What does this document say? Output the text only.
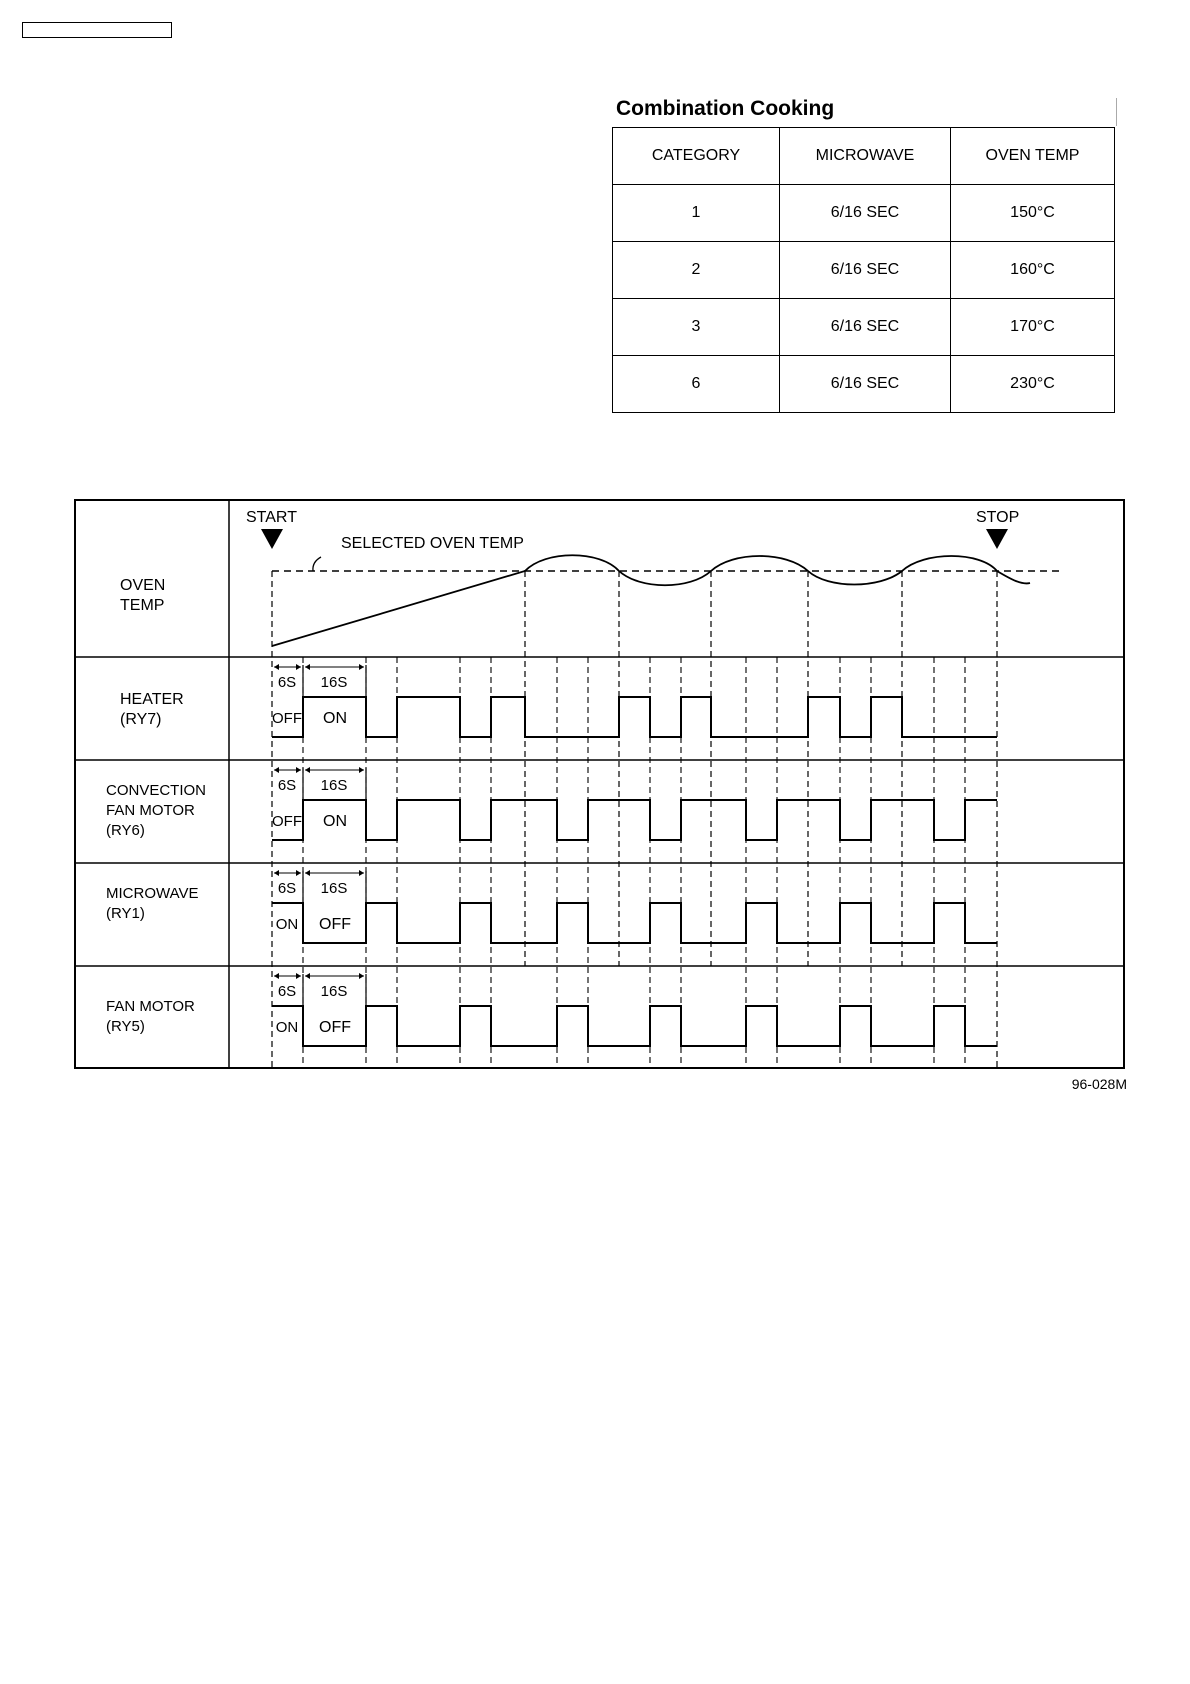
Combination Cooking
CATEGORY	MICROWAVE	OVEN TEMP
1	6/16 SEC	150°C
2	6/16 SEC	160°C
3	6/16 SEC	170°C
6	6/16 SEC	230°C
OVEN
TEMP
HEATER
(RY7)
CONVECTION
FAN MOTOR
(RY6)
MICROWAVE
(RY1)
FAN MOTOR
(RY5)
START	STOP
SELECTED OVEN TEMP
6S 16S
OFF ON
6S 16S
OFF ON
6S 16S
ON OFF
6S 16S
ON OFF
96-028M
